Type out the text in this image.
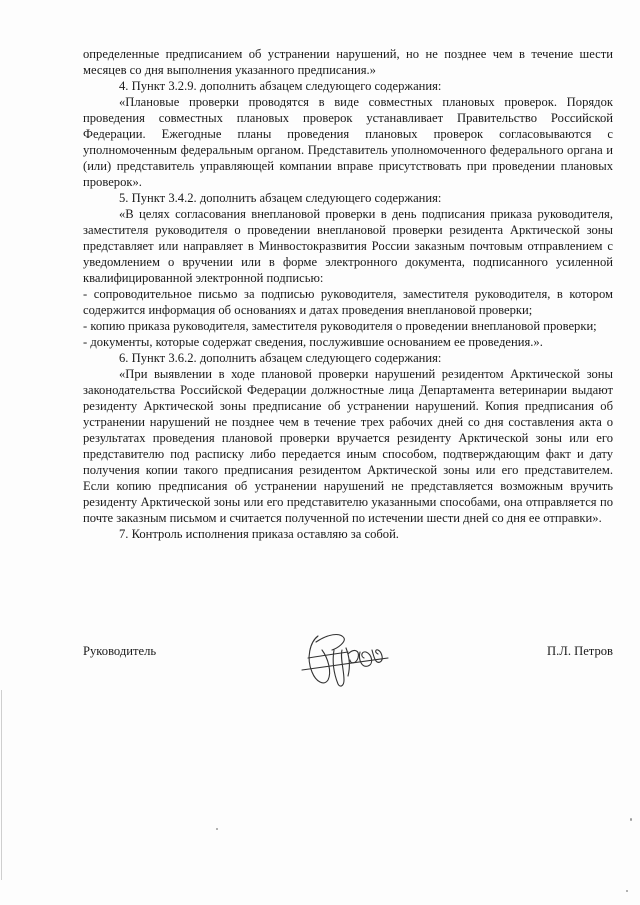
определенные предписанием об устранении нарушений, но не позднее чем в течение шести месяцев со дня выполнения указанного предписания.»

4. Пункт 3.2.9. дополнить абзацем следующего содержания:

«Плановые проверки проводятся в виде совместных плановых проверок. Порядок проведения совместных плановых проверок устанавливает Правительство Российской Федерации. Ежегодные планы проведения плановых проверок согласовываются с уполномоченным федеральным органом. Представитель уполномоченного федерального органа и (или) представитель управляющей компании вправе присутствовать при проведении плановых проверок».

5. Пункт 3.4.2. дополнить абзацем следующего содержания:

«В целях согласования внеплановой проверки в день подписания приказа руководителя, заместителя руководителя о проведении внеплановой проверки резидента Арктической зоны представляет или направляет в Минвостокразвития России заказным почтовым отправлением с уведомлением о вручении или в форме электронного документа, подписанного усиленной квалифицированной электронной подписью:

- сопроводительное письмо за подписью руководителя, заместителя руководителя, в котором содержится информация об основаниях и датах проведения внеплановой проверки;

- копию приказа руководителя, заместителя руководителя о проведении внеплановой проверки;

- документы, которые содержат сведения, послужившие основанием ее проведения.».

6. Пункт 3.6.2. дополнить абзацем следующего содержания:

«При выявлении в ходе плановой проверки нарушений резидентом Арктической зоны законодательства Российской Федерации должностные лица Департамента ветеринарии выдают резиденту Арктической зоны предписание об устранении нарушений. Копия предписания об устранении нарушений не позднее чем в течение трех рабочих дней со дня составления акта о результатах проведения плановой проверки вручается резиденту Арктической зоны или его представителю под расписку либо передается иным способом, подтверждающим факт и дату получения копии такого предписания резидентом Арктической зоны или его представителем. Если копию предписания об устранении нарушений не представляется возможным вручить резиденту Арктической зоны или его представителю указанными способами, она отправляется по почте заказным письмом и считается полученной по истечении шести дней со дня ее отправки».

7. Контроль исполнения приказа оставляю за собой.

Руководитель	П.Л. Петров
